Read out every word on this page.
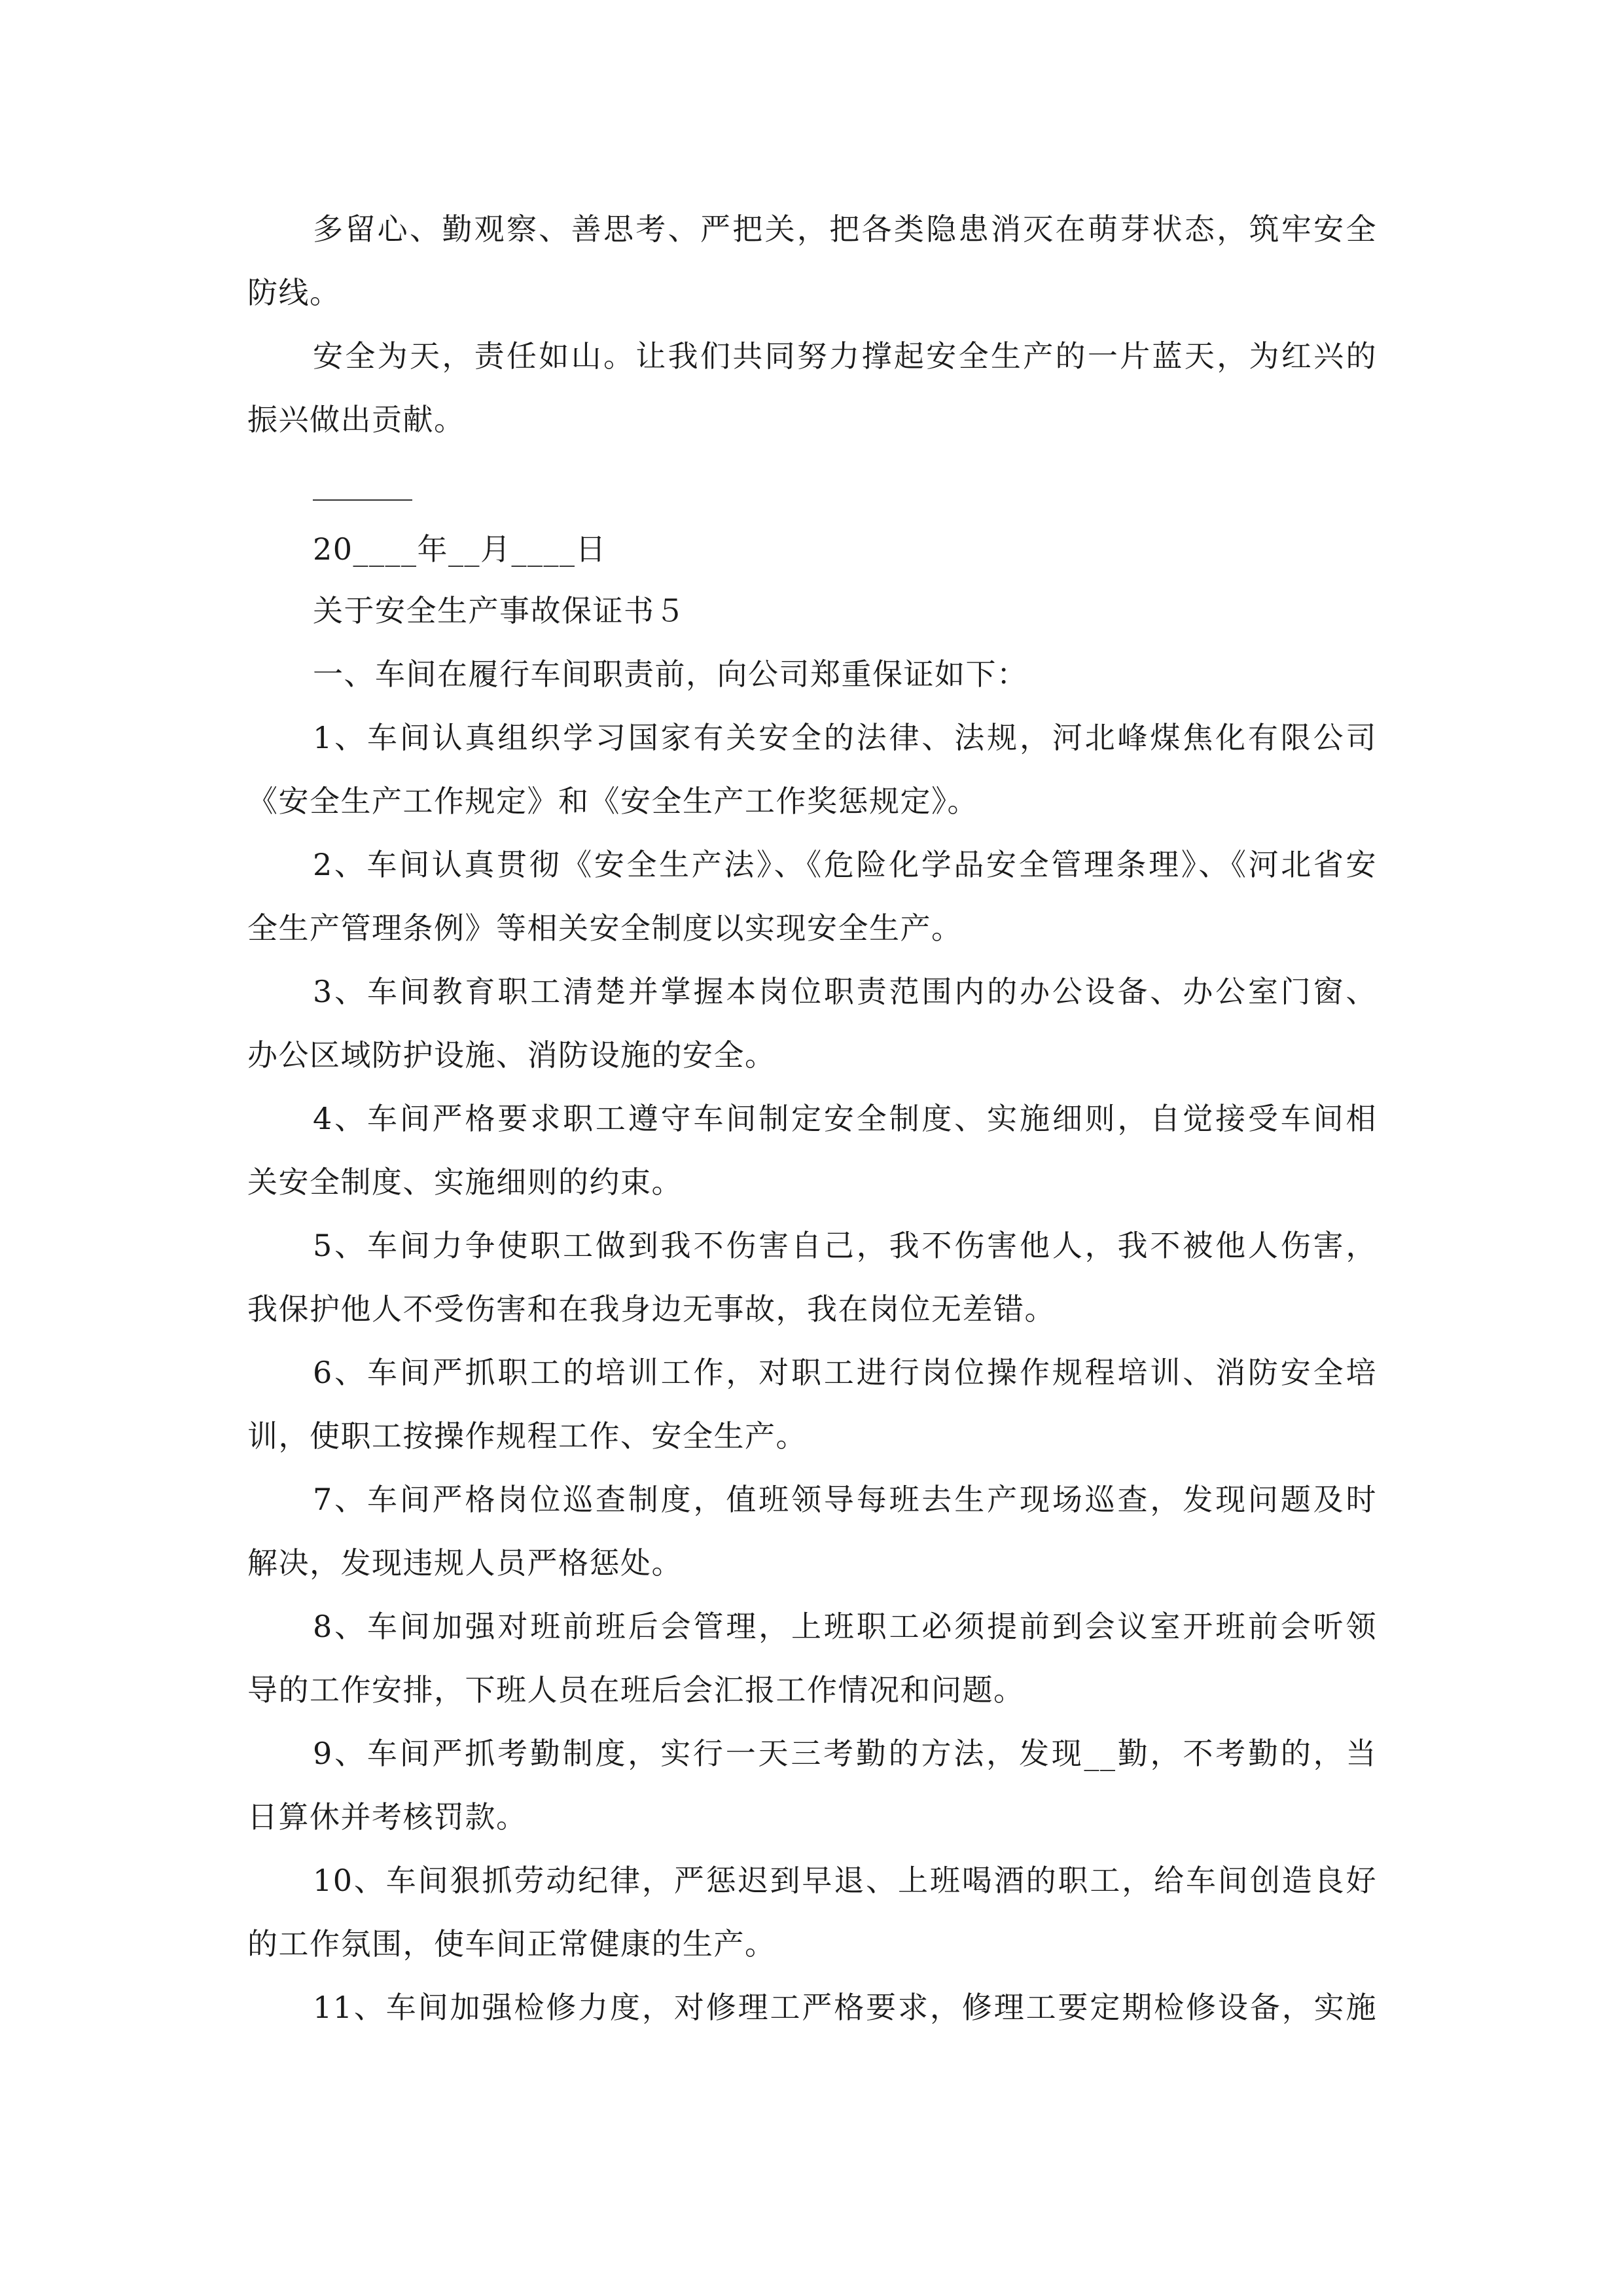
多留心、勤观察、善思考、严把关，把各类隐患消灭在萌芽状态，筑牢安全
防线。
安全为天，责任如山。让我们共同努力撑起安全生产的一片蓝天，为红兴的
振兴做出贡献。
20____年__月____日
关于安全生产事故保证书５
一、车间在履行车间职责前，向公司郑重保证如下：
1、车间认真组织学习国家有关安全的法律、法规，河北峰煤焦化有限公司
《安全生产工作规定》和《安全生产工作奖惩规定》。
2、车间认真贯彻《安全生产法》、《危险化学品安全管理条理》、《河北省安
全生产管理条例》等相关安全制度以实现安全生产。
3、车间教育职工清楚并掌握本岗位职责范围内的办公设备、办公室门窗、
办公区域防护设施、消防设施的安全。
4、车间严格要求职工遵守车间制定安全制度、实施细则，自觉接受车间相
关安全制度、实施细则的约束。
5、车间力争使职工做到我不伤害自己，我不伤害他人，我不被他人伤害，
我保护他人不受伤害和在我身边无事故，我在岗位无差错。
6、车间严抓职工的培训工作，对职工进行岗位操作规程培训、消防安全培
训，使职工按操作规程工作、安全生产。
7、车间严格岗位巡查制度，值班领导每班去生产现场巡查，发现问题及时
解决，发现违规人员严格惩处。
8、车间加强对班前班后会管理，上班职工必须提前到会议室开班前会听领
导的工作安排，下班人员在班后会汇报工作情况和问题。
9、车间严抓考勤制度，实行一天三考勤的方法，发现__勤，不考勤的，当
日算休并考核罚款。
10、车间狠抓劳动纪律，严惩迟到早退、上班喝酒的职工，给车间创造良好
的工作氛围，使车间正常健康的生产。
11、车间加强检修力度，对修理工严格要求，修理工要定期检修设备，实施
